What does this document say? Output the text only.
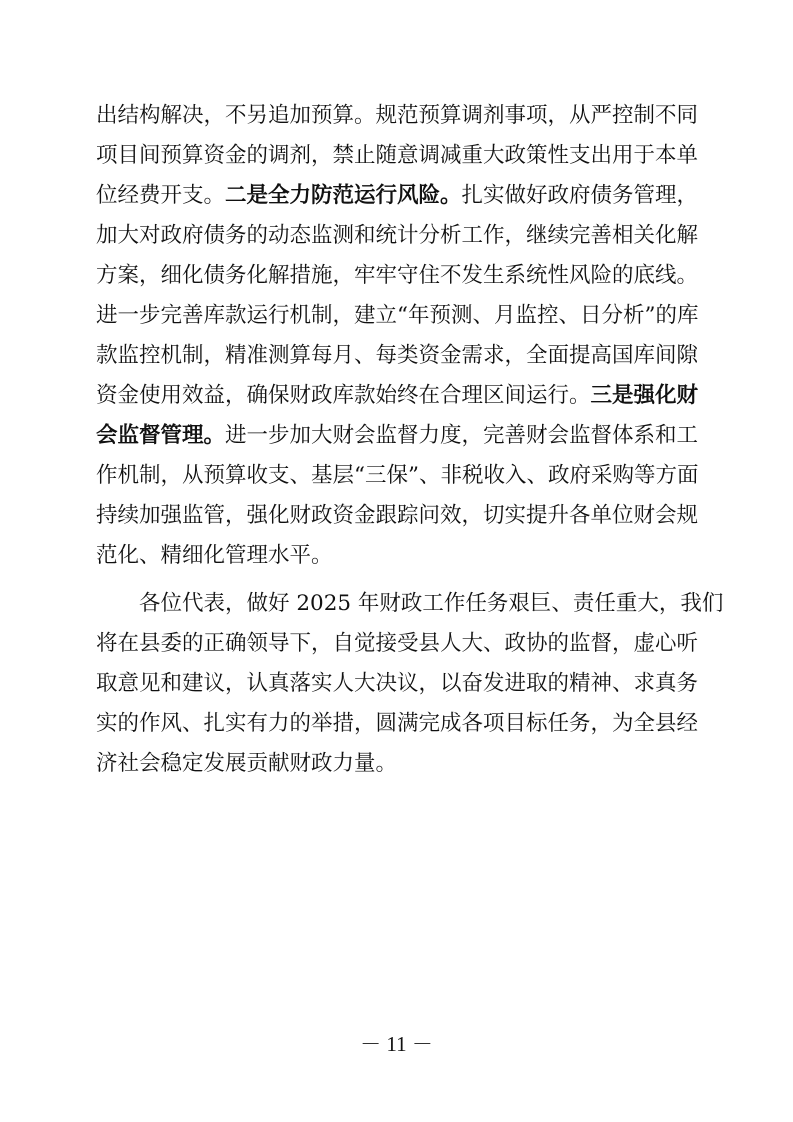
出结构解决，不另追加预算。规范预算调剂事项，从严控制不同
项目间预算资金的调剂，禁止随意调减重大政策性支出用于本单
位经费开支。二是全力防范运行风险。扎实做好政府债务管理，
加大对政府债务的动态监测和统计分析工作，继续完善相关化解
方案，细化债务化解措施，牢牢守住不发生系统性风险的底线。
进一步完善库款运行机制，建立“年预测、月监控、日分析”的库
款监控机制，精准测算每月、每类资金需求，全面提高国库间隙
资金使用效益，确保财政库款始终在合理区间运行。三是强化财
会监督管理。进一步加大财会监督力度，完善财会监督体系和工
作机制，从预算收支、基层“三保”、非税收入、政府采购等方面
持续加强监管，强化财政资金跟踪问效，切实提升各单位财会规
范化、精细化管理水平。
各位代表，做好 2025 年财政工作任务艰巨、责任重大，我们
将在县委的正确领导下，自觉接受县人大、政协的监督，虚心听
取意见和建议，认真落实人大决议，以奋发进取的精神、求真务
实的作风、扎实有力的举措，圆满完成各项目标任务，为全县经
济社会稳定发展贡献财政力量。
－ 11 －
